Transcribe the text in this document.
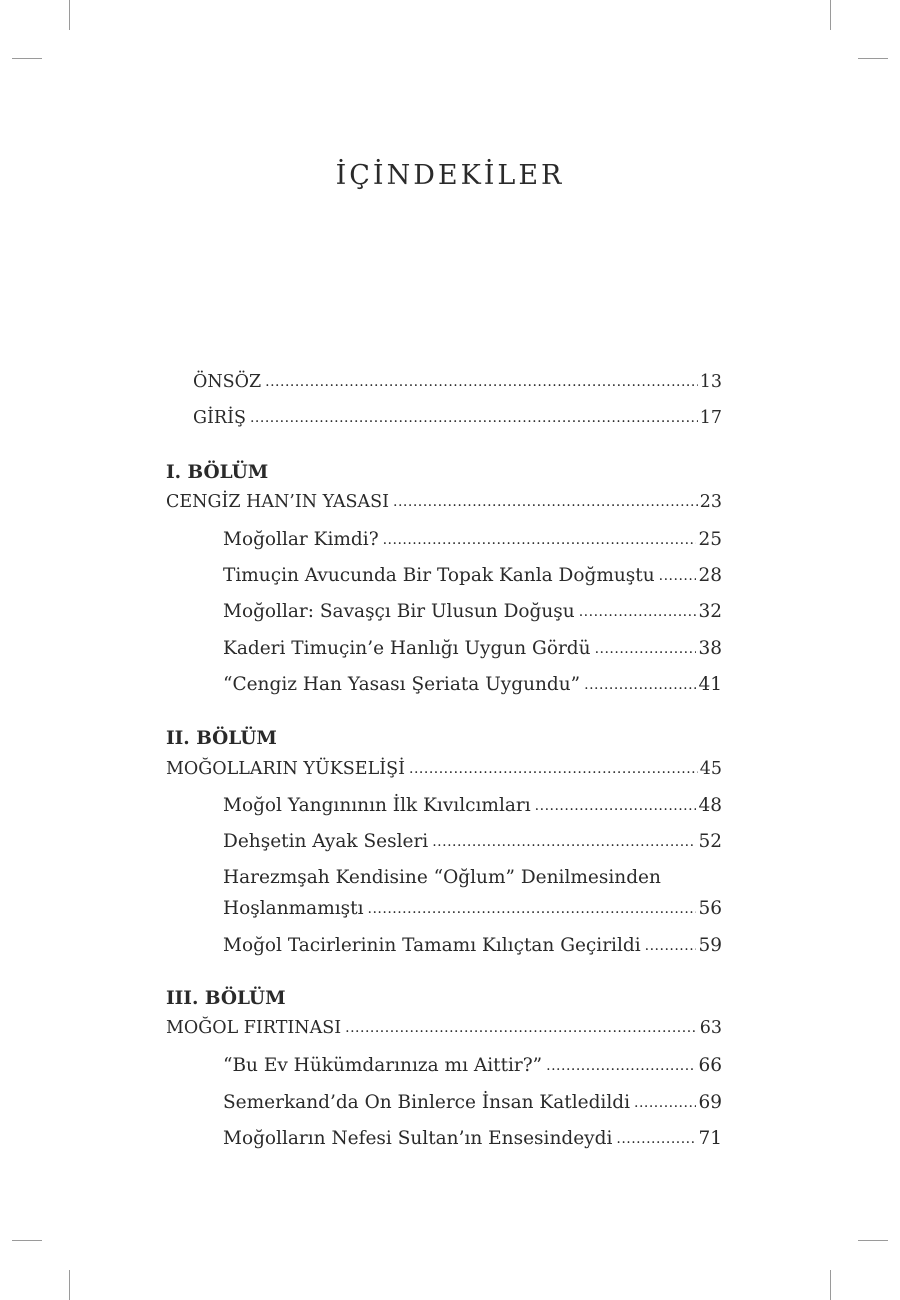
İÇİNDEKİLER
ÖNSÖZ .....	13
GİRİŞ .....	17
I. BÖLÜM
CENGİZ HAN’IN YASASI .....	23
Moğollar Kimdi? .....	25
Timuçin Avucunda Bir Topak Kanla Doğmuştu ..... 28
Moğollar: Savaşçı Bir Ulusun Doğuşu .....	32
Kaderi Timuçin’e Hanlığı Uygun Gördü .....	38
“Cengiz Han Yasası Şeriata Uygundu” .....	41
II. BÖLÜM
MOĞOLLARIN YÜKSELİŞİ .....	45
Moğol Yangınının İlk Kıvılcımları .....	48
Dehşetin Ayak Sesleri .....	52
Harezmşah Kendisine “Oğlum” Denilmesinden
Hoşlanmamıştı .....	56
Moğol Tacirlerinin Tamamı Kılıçtan Geçirildi .....	59
III. BÖLÜM
MOĞOL FIRTINASI .....	63
“Bu Ev Hükümdarınıza mı Aittir?” .....	66
Semerkand’da On Binlerce İnsan Katledildi .....	69
Moğolların Nefesi Sultan’ın Ensesindeydi .....	71
